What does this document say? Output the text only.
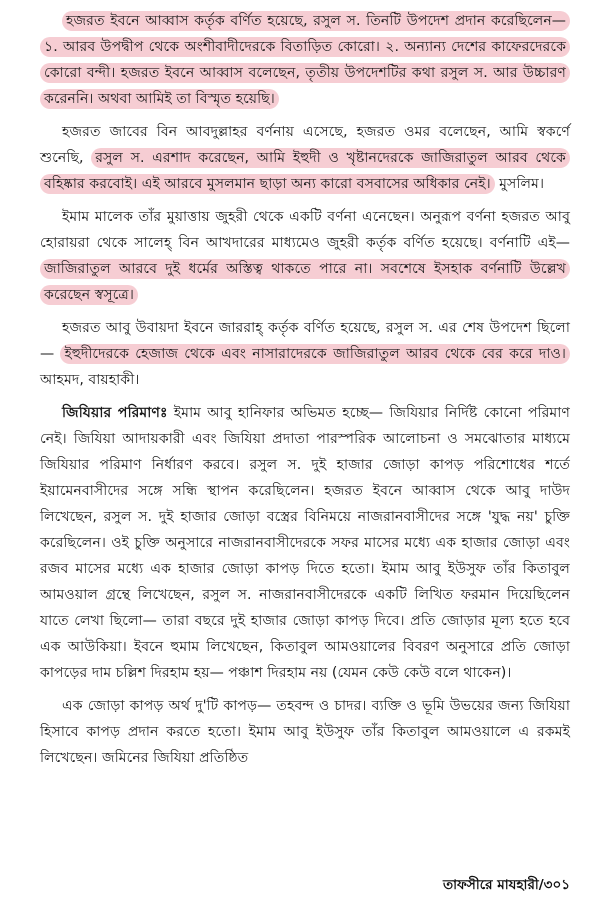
হজরত ইবনে আব্বাস কর্তৃক বর্ণিত হয়েছে, রসুল স. তিনটি উপদেশ প্রদান করেছিলেন— ১. আরব উপদ্বীপ থেকে অংশীবাদীদেরকে বিতাড়িত কোরো। ২. অন্যান্য দেশের কাফেরদেরকে কোরো বন্দী। হজরত ইবনে আব্বাস বলেছেন, তৃতীয় উপদেশটির কথা রসুল স. আর উচ্চারণ করেননি। অথবা আমিই তা বিস্মৃত হয়েছি।

হজরত জাবের বিন আবদুল্লাহর বর্ণনায় এসেছে, হজরত ওমর বলেছেন, আমি স্বকর্ণে শুনেছি, রসুল স. এরশাদ করেছেন, আমি ইহুদী ও খৃষ্টানদেরকে জাজিরাতুল আরব থেকে বহিষ্কার করবোই। এই আরবে মুসলমান ছাড়া অন্য কারো বসবাসের অধিকার নেই। মুসলিম।

ইমাম মালেক তাঁর মুয়াত্তায় জুহরী থেকে একটি বর্ণনা এনেছেন। অনুরূপ বর্ণনা হজরত আবু হোরায়রা থেকে সালেহ্ বিন আখদারের মাধ্যমেও জুহরী কর্তৃক বর্ণিত হয়েছে। বর্ণনাটি এই— জাজিরাতুল আরবে দুই ধর্মের অস্তিত্ব থাকতে পারে না। সবশেষে ইসহাক বর্ণনাটি উল্লেখ করেছেন স্বসূত্রে।

হজরত আবু উবায়দা ইবনে জাররাহ্ কর্তৃক বর্ণিত হয়েছে, রসুল স. এর শেষ উপদেশ ছিলো— ইহুদীদেরকে হেজাজ থেকে এবং নাসারাদেরকে জাজিরাতুল আরব থেকে বের করে দাও। আহমদ, বায়হাকী।

জিযিয়ার পরিমাণঃ ইমাম আবু হানিফার অভিমত হচ্ছে— জিযিয়ার নির্দিষ্ট কোনো পরিমাণ নেই। জিযিয়া আদায়কারী এবং জিযিয়া প্রদাতা পারস্পরিক আলোচনা ও সমঝোতার মাধ্যমে জিযিয়ার পরিমাণ নির্ধারণ করবে। রসুল স. দুই হাজার জোড়া কাপড় পরিশোধের শর্তে ইয়ামেনবাসীদের সঙ্গে সন্ধি স্থাপন করেছিলেন। হজরত ইবনে আব্বাস থেকে আবু দাউদ লিখেছেন, রসুল স. দুই হাজার জোড়া বস্ত্রের বিনিময়ে নাজরানবাসীদের সঙ্গে 'যুদ্ধ নয়' চুক্তি করেছিলেন। ওই চুক্তি অনুসারে নাজরানবাসীদেরকে সফর মাসের মধ্যে এক হাজার জোড়া এবং রজব মাসের মধ্যে এক হাজার জোড়া কাপড় দিতে হতো। ইমাম আবু ইউসুফ তাঁর কিতাবুল আমওয়াল গ্রন্থে লিখেছেন, রসুল স. নাজরানবাসীদেরকে একটি লিখিত ফরমান দিয়েছিলেন যাতে লেখা ছিলো— তারা বছরে দুই হাজার জোড়া কাপড় দিবে। প্রতি জোড়ার মূল্য হতে হবে এক আউকিয়া। ইবনে হুমাম লিখেছেন, কিতাবুল আমওয়ালের বিবরণ অনুসারে প্রতি জোড়া কাপড়ের দাম চল্লিশ দিরহাম হয়— পঞ্চাশ দিরহাম নয় (যেমন কেউ কেউ বলে থাকেন)।

এক জোড়া কাপড় অর্থ দু'টি কাপড়— তহবন্দ ও চাদর। ব্যক্তি ও ভূমি উভয়ের জন্য জিযিয়া হিসাবে কাপড় প্রদান করতে হতো। ইমাম আবু ইউসুফ তাঁর কিতাবুল আমওয়ালে এ রকমই লিখেছেন। জমিনের জিযিয়া প্রতিষ্ঠিত

তাফসীরে মাযহারী/৩০১
